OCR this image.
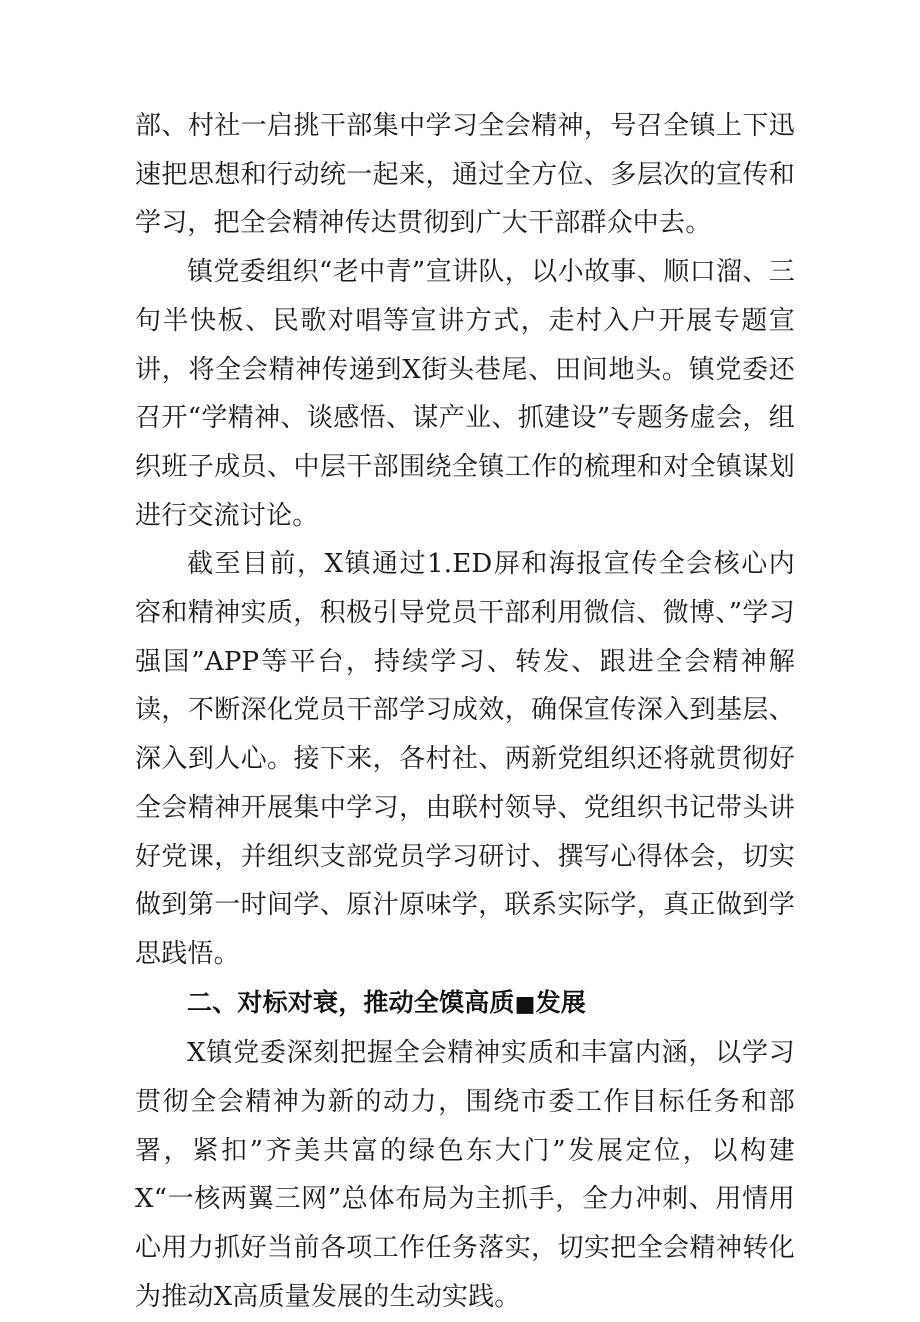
部、村社一启挑干部集中学习全会精神，号召全镇上下迅速把思想和行动统一起来，通过全方位、多层次的宣传和学习，把全会精神传达贯彻到广大干部群众中去。

镇党委组织“老中青”宣讲队，以小故事、顺口溜、三句半快板、民歌对唱等宣讲方式，走村入户开展专题宣讲，将全会精神传递到X街头巷尾、田间地头。镇党委还召开“学精神、谈感悟、谋产业、抓建设”专题务虚会，组织班子成员、中层干部围绕全镇工作的梳理和对全镇谋划进行交流讨论。

截至目前，X镇通过1.ED屏和海报宣传全会核心内容和精神实质，积极引导党员干部利用微信、微博、”学习强国”APP等平台，持续学习、转发、跟进全会精神解读，不断深化党员干部学习成效，确保宣传深入到基层、深入到人心。接下来，各村社、两新党组织还将就贯彻好全会精神开展集中学习，由联村领导、党组织书记带头讲好党课，并组织支部党员学习研讨、撰写心得体会，切实做到第一时间学、原汁原味学，联系实际学，真正做到学思践悟。

二、对标对衰，推动全馍高质■发展

X镇党委深刻把握全会精神实质和丰富内涵，以学习贯彻全会精神为新的动力，围绕市委工作目标任务和部署，紧扣”齐美共富的绿色东大门”发展定位，以构建X“一核两翼三网”总体布局为主抓手，全力冲刺、用情用心用力抓好当前各项工作任务落实，切实把全会精神转化为推动X高质量发展的生动实践。
